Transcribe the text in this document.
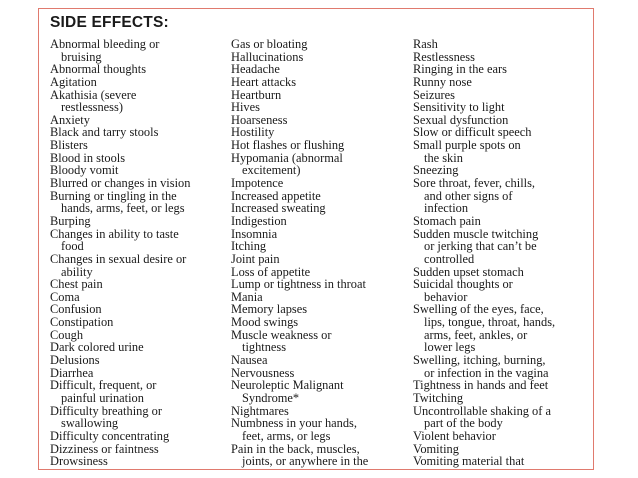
SIDE EFFECTS:
Abnormal bleeding or
bruising
Abnormal thoughts
Agitation
Akathisia (severe
restlessness)
Anxiety
Black and tarry stools
Blisters
Blood in stools
Bloody vomit
Blurred or changes in vision
Burning or tingling in the
hands, arms, feet, or legs
Burping
Changes in ability to taste
food
Changes in sexual desire or
ability
Chest pain
Coma
Confusion
Constipation
Cough
Dark colored urine
Delusions
Diarrhea
Difficult, frequent, or
painful urination
Difficulty breathing or
swallowing
Difficulty concentrating
Dizziness or faintness
Drowsiness
Gas or bloating
Hallucinations
Headache
Heart attacks
Heartburn
Hives
Hoarseness
Hostility
Hot flashes or flushing
Hypomania (abnormal
excitement)
Impotence
Increased appetite
Increased sweating
Indigestion
Insomnia
Itching
Joint pain
Loss of appetite
Lump or tightness in throat
Mania
Memory lapses
Mood swings
Muscle weakness or
tightness
Nausea
Nervousness
Neuroleptic Malignant
Syndrome*
Nightmares
Numbness in your hands,
feet, arms, or legs
Pain in the back, muscles,
joints, or anywhere in the
Rash
Restlessness
Ringing in the ears
Runny nose
Seizures
Sensitivity to light
Sexual dysfunction
Slow or difficult speech
Small purple spots on
the skin
Sneezing
Sore throat, fever, chills,
and other signs of
infection
Stomach pain
Sudden muscle twitching
or jerking that can’t be
controlled
Sudden upset stomach
Suicidal thoughts or
behavior
Swelling of the eyes, face,
lips, tongue, throat, hands,
arms, feet, ankles, or
lower legs
Swelling, itching, burning,
or infection in the vagina
Tightness in hands and feet
Twitching
Uncontrollable shaking of a
part of the body
Violent behavior
Vomiting
Vomiting material that
